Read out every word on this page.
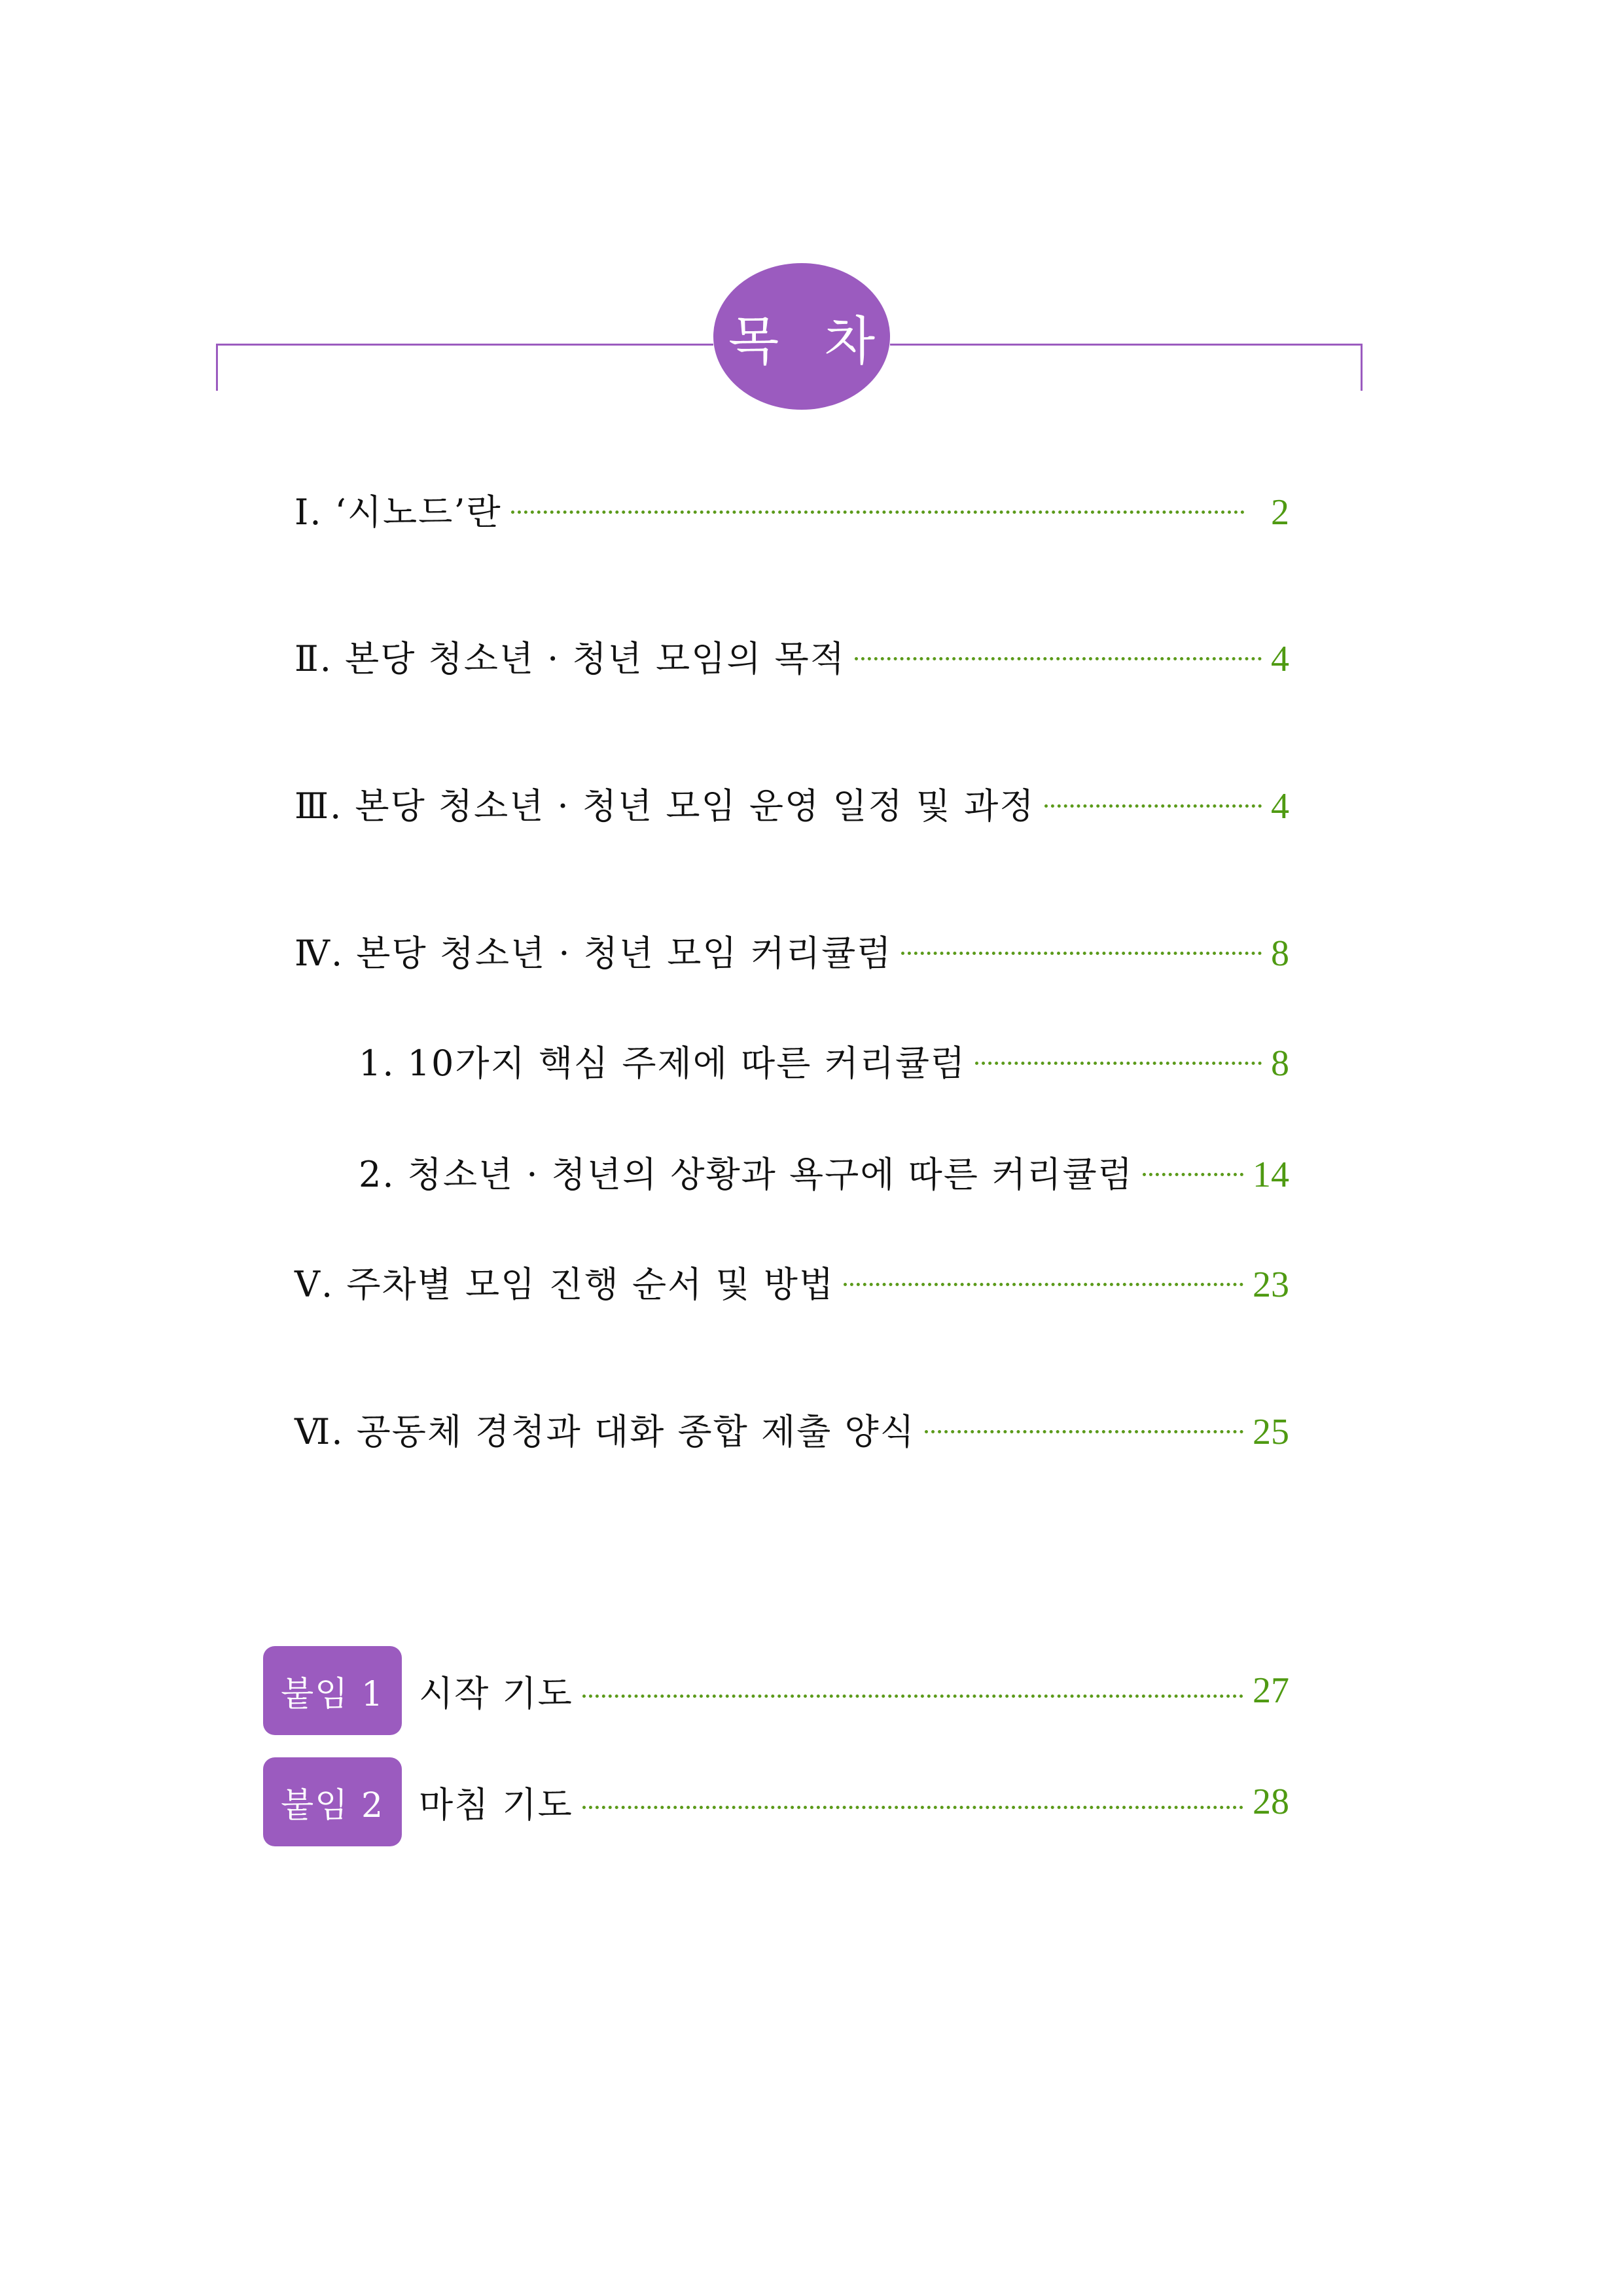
목 차
Ⅰ. ‘시노드’란	2
Ⅱ. 본당 청소년 · 청년 모임의 목적	4
Ⅲ. 본당 청소년 · 청년 모임 운영 일정 및 과정	4
Ⅳ. 본당 청소년 · 청년 모임 커리큘럼	8
1. 10가지 핵심 주제에 따른 커리큘럼	8
2. 청소년 · 청년의 상황과 욕구에 따른 커리큘럼	14
Ⅴ. 주차별 모임 진행 순서 및 방법	23
Ⅵ. 공동체 경청과 대화 종합 제출 양식	25
붙임 1 시작 기도	27
붙임 2 마침 기도	28
